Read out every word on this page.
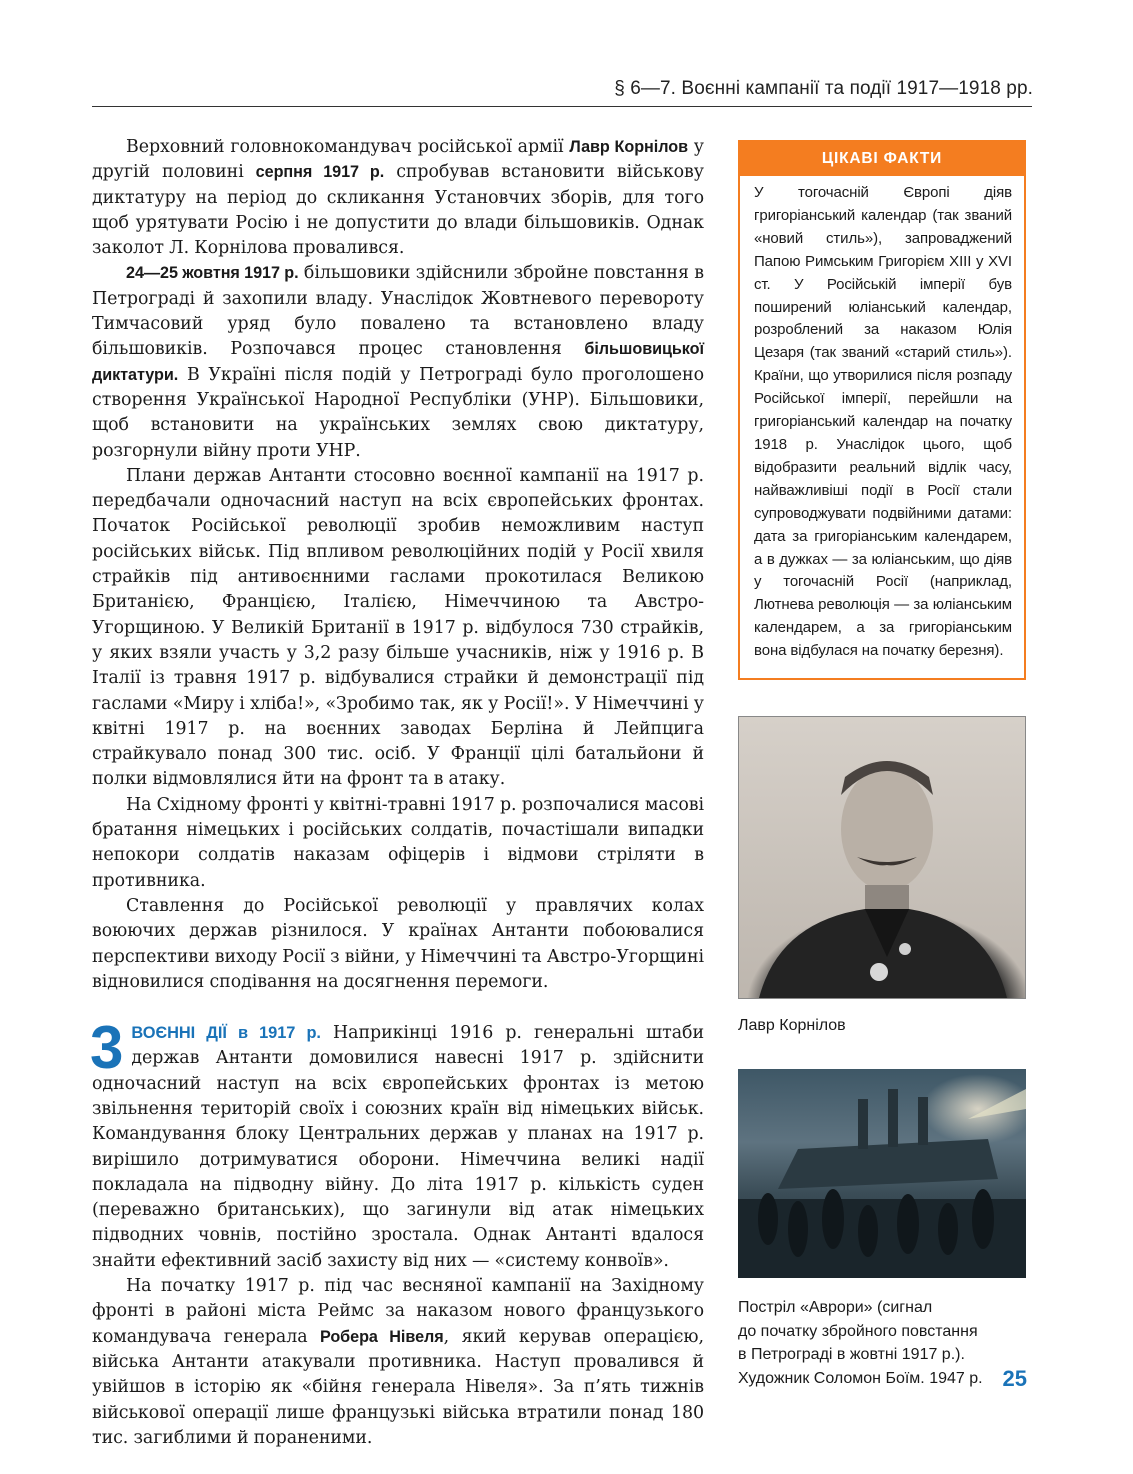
§ 6—7. Воєнні кампанії та події 1917—1918 рр.

Верховний головнокомандувач російської армії Лавр Корнілов у другій половині серпня 1917 р. спробував встановити військову диктатуру на період до скликання Установчих зборів, для того щоб урятувати Росію і не допустити до влади більшовиків. Однак заколот Л. Корнілова провалився.

24—25 жовтня 1917 р. більшовики здійснили збройне повстання в Петрограді й захопили владу. Унаслідок Жовтневого перевороту Тимчасовий уряд було повалено та встановлено владу більшовиків. Розпочався процес становлення більшовицької диктатури. В Україні після подій у Петрограді було проголошено створення Української Народної Республіки (УНР). Більшовики, щоб встановити на українських землях свою диктатуру, розгорнули війну проти УНР.

Плани держав Антанти стосовно воєнної кампанії на 1917 р. передбачали одночасний наступ на всіх європейських фронтах. Початок Російської революції зробив неможливим наступ російських військ. Під впливом революційних подій у Росії хвиля страйків під антивоєнними гаслами прокотилася Великою Британією, Францією, Італією, Німеччиною та Австро-Угорщиною. У Великій Британії в 1917 р. відбулося 730 страйків, у яких взяли участь у 3,2 разу більше учасників, ніж у 1916 р. В Італії із травня 1917 р. відбувалися страйки й демонстрації під гаслами «Миру і хліба!», «Зробимо так, як у Росії!». У Німеччині у квітні 1917 р. на воєнних заводах Берліна й Лейпцига страйкувало понад 300 тис. осіб. У Франції цілі батальйони й полки відмовлялися йти на фронт та в атаку.

На Східному фронті у квітні-травні 1917 р. розпочалися масові братання німецьких і російських солдатів, почастішали випадки непокори солдатів наказам офіцерів і відмови стріляти в противника.

Ставлення до Російської революції у правлячих колах воюючих держав різнилося. У країнах Антанти побоювалися перспективи виходу Росії з війни, у Німеччині та Австро-Угорщині відновилися сподівання на досягнення перемоги.

3 ВОЄННІ ДІЇ в 1917 р. Наприкінці 1916 р. генеральні штаби держав Антанти домовилися навесні 1917 р. здійснити одночасний наступ на всіх європейських фронтах із метою звільнення територій своїх і союзних країн від німецьких військ. Командування блоку Центральних держав у планах на 1917 р. вирішило дотримуватися оборони. Німеччина великі надії покладала на підводну війну. До літа 1917 р. кількість суден (переважно британських), що загинули від атак німецьких підводних човнів, постійно зростала. Однак Антанті вдалося знайти ефективний засіб захисту від них — «систему конвоїв».

На початку 1917 р. під час весняної кампанії на Західному фронті в районі міста Реймс за наказом нового французького командувача генерала Робера Нівеля, який керував операцією, війська Антанти атакували противника. Наступ провалився й увійшов в історію як «бійня генерала Нівеля». За п’ять тижнів військової операції лише французькі війська втратили понад 180 тис. загиблими й пораненими.

ЦІКАВІ ФАКТИ
У тогочасній Європі діяв григоріанський календар (так званий «новий стиль»), запроваджений Папою Римським Григорієм XIII у XVI ст. У Російській імперії був поширений юліанський календар, розроблений за наказом Юлія Цезаря (так званий «старий стиль»). Країни, що утворилися після розпаду Російської імперії, перейшли на григоріанський календар на початку 1918 р. Унаслідок цього, щоб відобразити реальний відлік часу, найважливіші події в Росії стали супроводжувати подвійними датами: дата за григоріанським календарем, а в дужках — за юліанським, що діяв у тогочасній Росії (наприклад, Лютнева революція — за юліанським календарем, а за григоріанським вона відбулася на початку березня).
Лавр Корнілов
Постріл «Аврори» (сигнал
до початку збройного повстання
в Петрограді в жовтні 1917 р.).
Художник Соломон Боїм. 1947 р. 25
